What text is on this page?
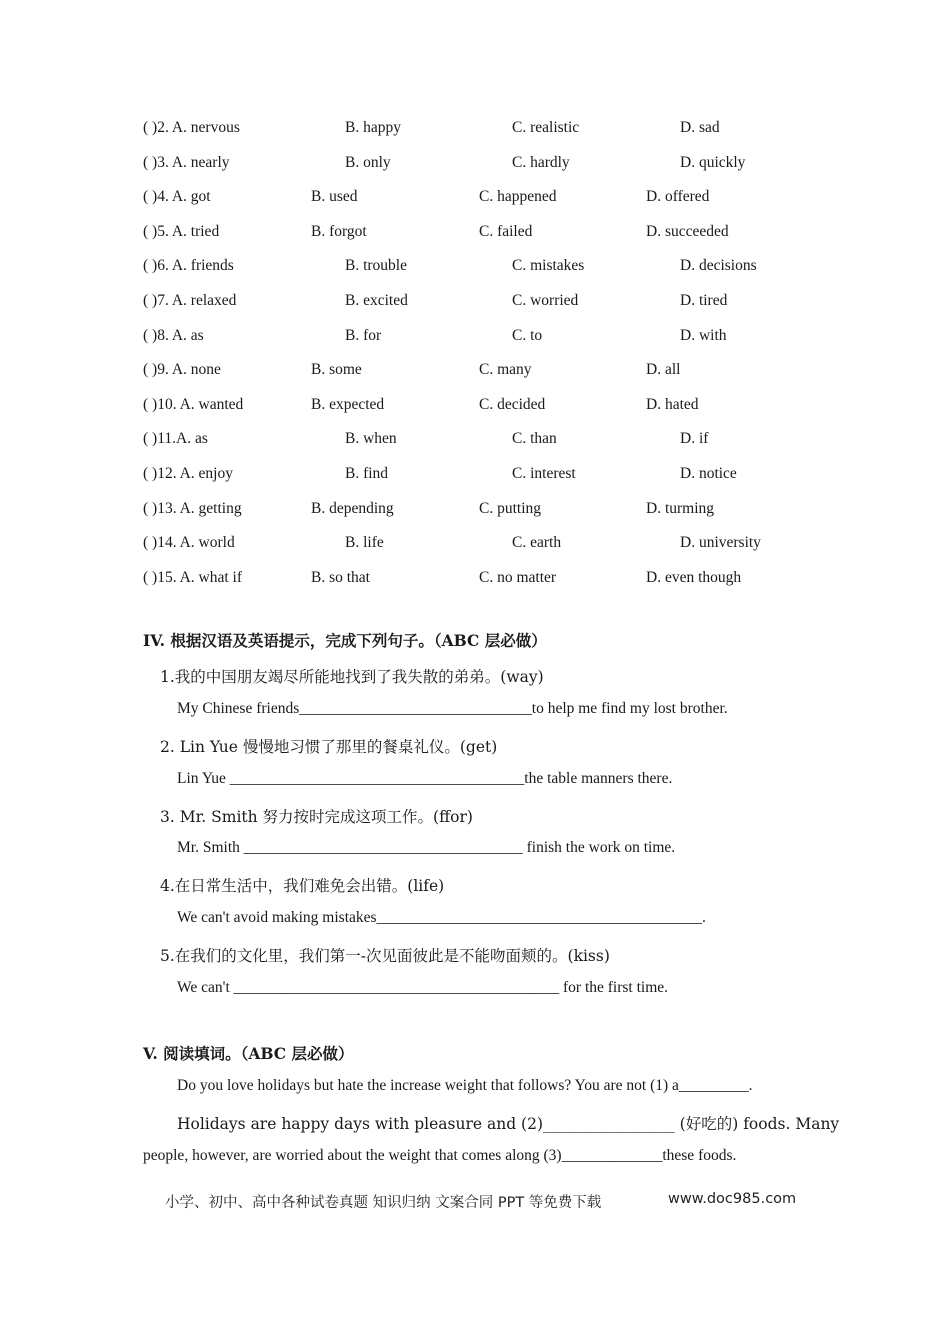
( )2. A. nervous	B. happy	C. realistic	D. sad
( )3. A. nearly	B. only	C. hardly	D. quickly
( )4. A. got	B. used	C. happened	D. offered
( )5. A. tried	B. forgot	C. failed	D. succeeded
( )6. A. friends	B. trouble	C. mistakes	D. decisions
( )7. A. relaxed	B. excited	C. worried	D. tired
( )8. A. as	B. for	C. to	D. with
( )9. A. none	B. some	C. many	D. all
( )10. A. wanted	B. expected	C. decided	D. hated
( )11.A. as	B. when	C. than	D. if
( )12. A. enjoy	B. find	C. interest	D. notice
( )13. A. getting	B. depending	C. putting	D. turming
( )14. A. world	B. life	C. earth	D. university
( )15. A. what if	B. so that	C. no matter	D. even though
IV. 根据汉语及英语提示，完成下列句子。（ABC 层必做）
1.我的中国朋友竭尽所能地找到了我失散的弟弟。(way)
My Chinese friends______________________________to help me find my lost brother.
2. Lin Yue 慢慢地习惯了那里的餐桌礼仪。(get)
Lin Yue ______________________________________the table manners there.
3. Mr. Smith 努力按时完成这项工作。(ffor)
Mr. Smith ____________________________________ finish the work on time.
4.在日常生活中，我们难免会出错。(life)
We can't avoid making mistakes__________________________________________.
5.在我们的文化里，我们第一-次见面彼此是不能吻面颊的。(kiss)
We can't __________________________________________ for the first time.
V. 阅读填词。（ABC 层必做）
Do you love holidays but hate the increase weight that follows? You are not (1) a_________.
Holidays are happy days with pleasure and (2)_________________ (好吃的) foods. Many
people, however, are worried about the weight that comes along (3)_____________these foods.
小学、初中、高中各种试卷真题 知识归纳 文案合同 PPT 等免费下载	www.doc985.com
